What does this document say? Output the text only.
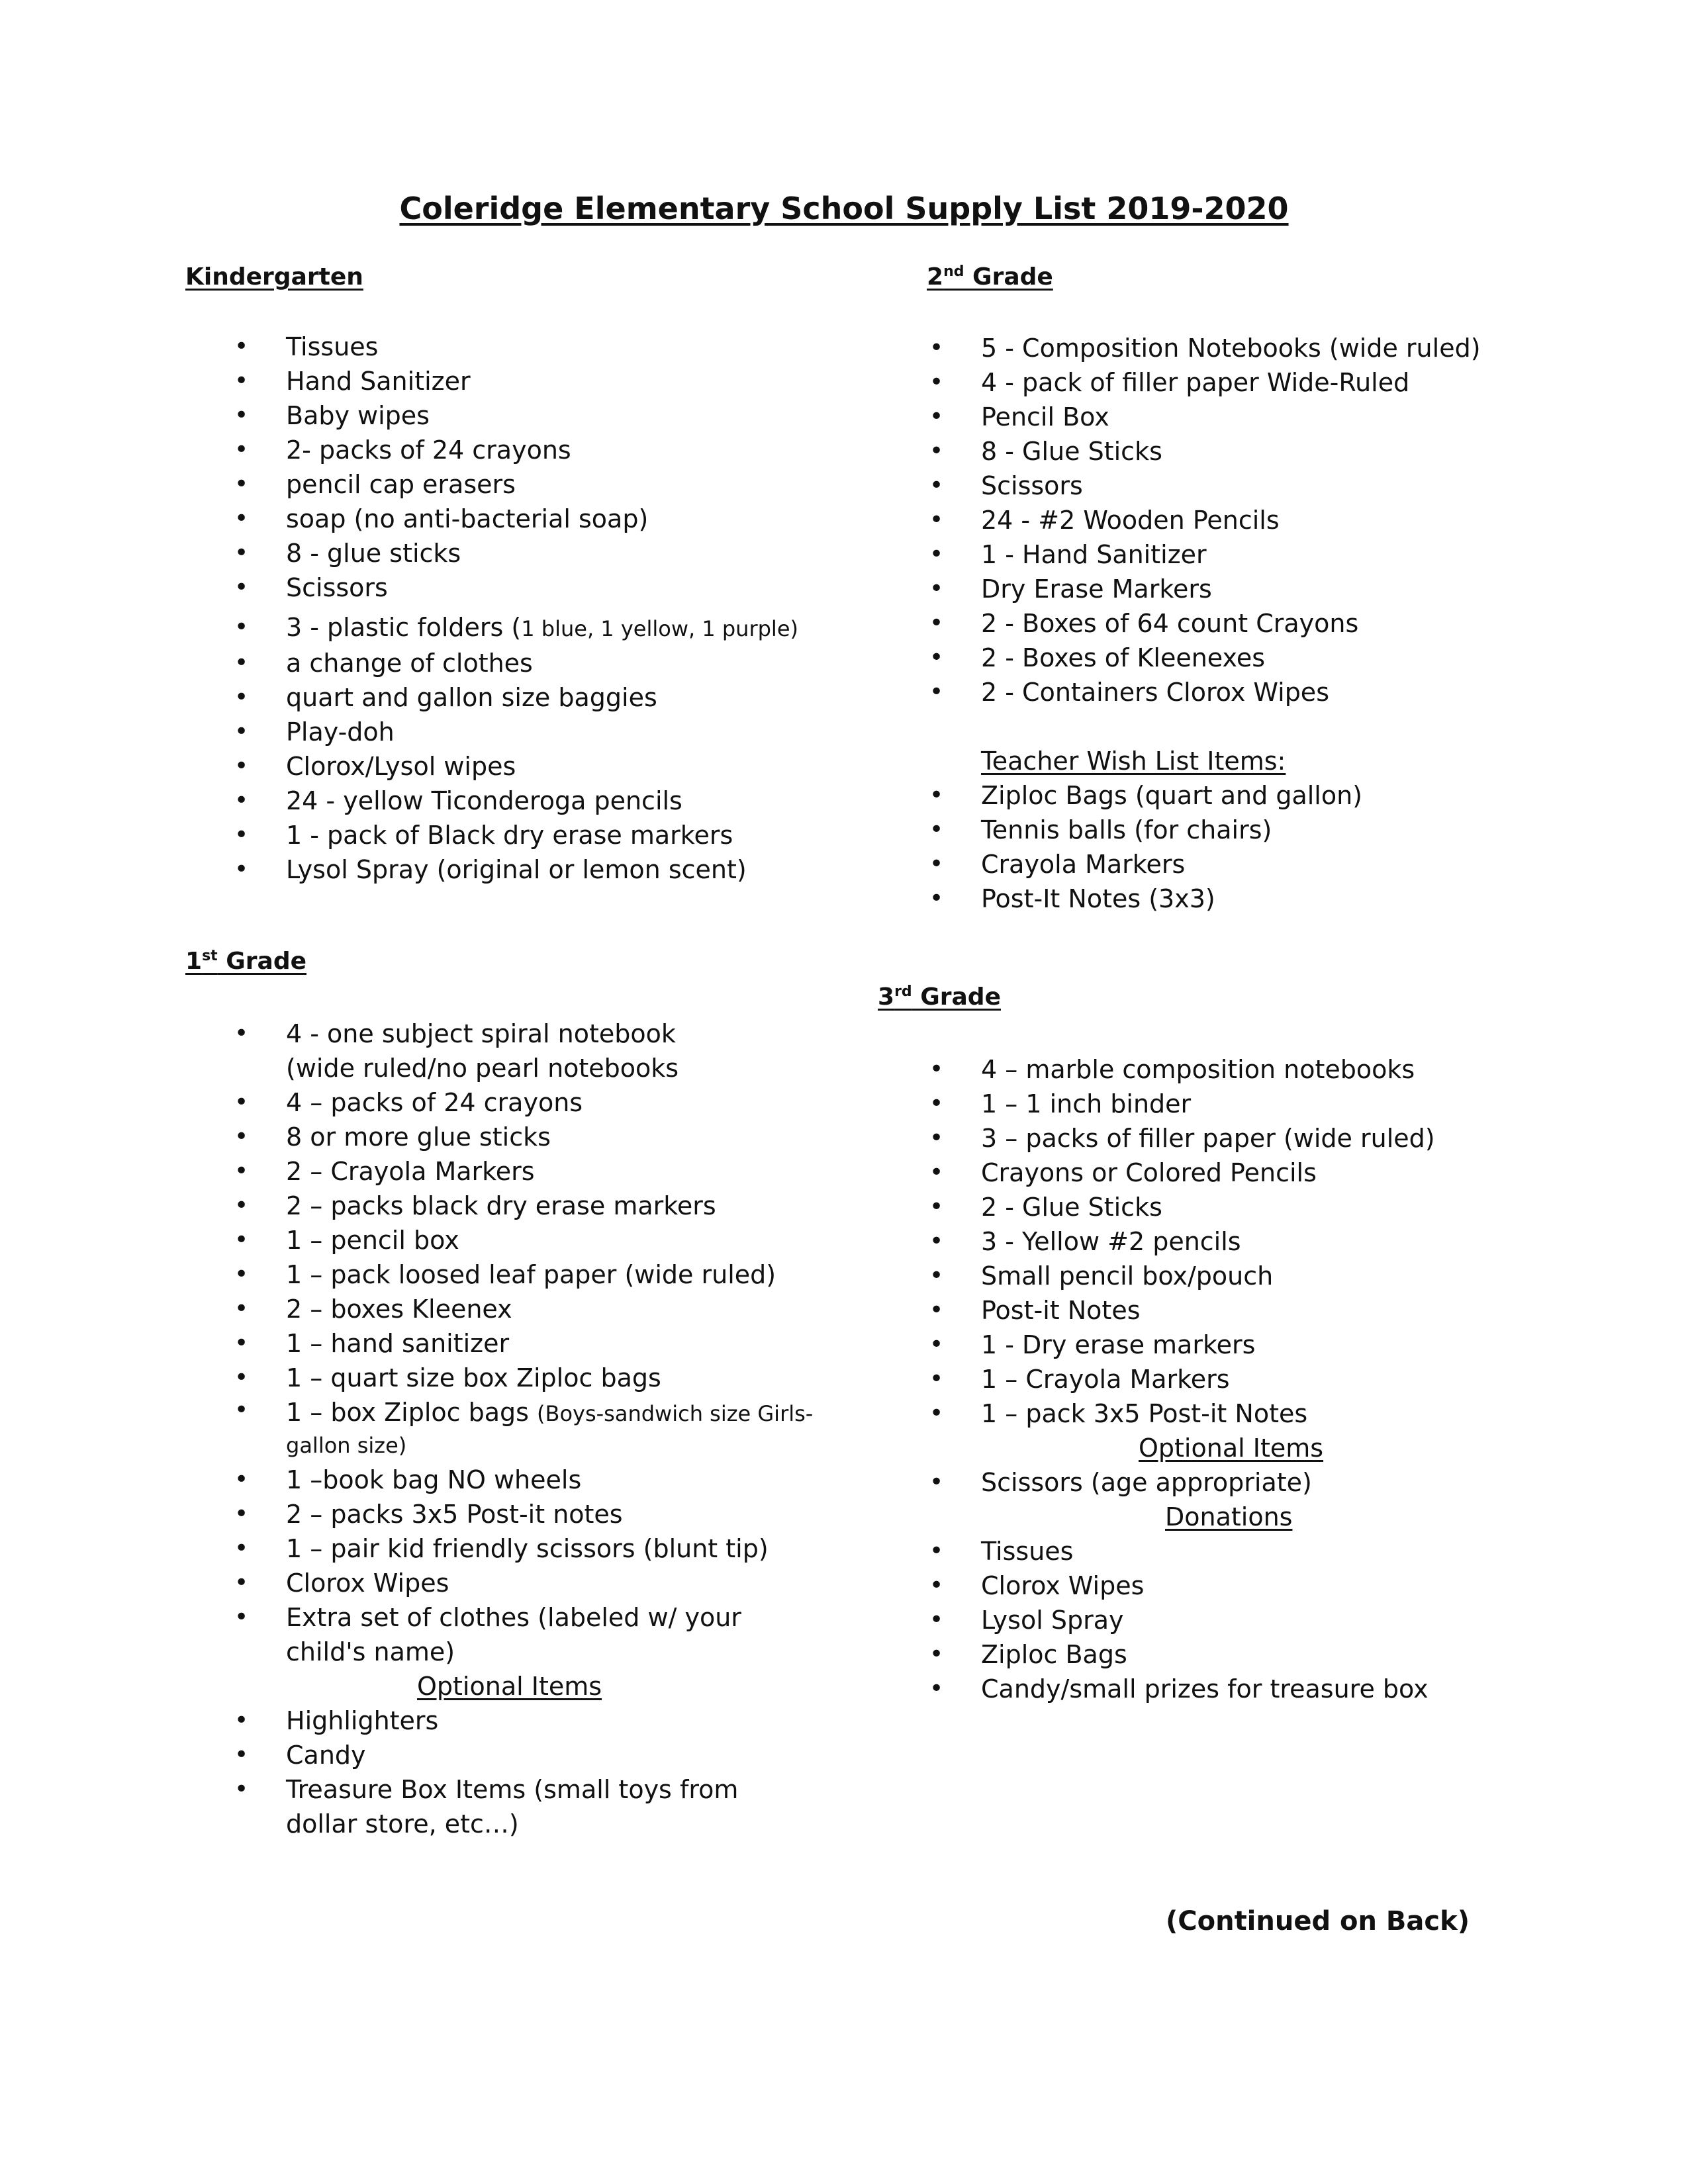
Coleridge Elementary School Supply List 2019-2020
Kindergarten
• Tissues
• Hand Sanitizer
• Baby wipes
• 2- packs of 24 crayons
• pencil cap erasers
• soap (no anti-bacterial soap)
• 8 - glue sticks
• Scissors
• 3 - plastic folders (1 blue, 1 yellow, 1 purple)
• a change of clothes
• quart and gallon size baggies
• Play-doh
• Clorox/Lysol wipes
• 24 - yellow Ticonderoga pencils
• 1 - pack of Black dry erase markers
• Lysol Spray (original or lemon scent)
1st Grade
• 4 - one subject spiral notebook (wide ruled/no pearl notebooks
• 4 – packs of 24 crayons
• 8 or more glue sticks
• 2 – Crayola Markers
• 2 – packs black dry erase markers
• 1 – pencil box
• 1 – pack loosed leaf paper (wide ruled)
• 2 – boxes Kleenex
• 1 – hand sanitizer
• 1 – quart size box Ziploc bags
• 1 – box Ziploc bags (Boys-sandwich size Girls-gallon size)
• 1 –book bag NO wheels
• 2 – packs 3x5 Post-it notes
• 1 – pair kid friendly scissors (blunt tip)
• Clorox Wipes
• Extra set of clothes (labeled w/ your child's name)
Optional Items
• Highlighters
• Candy
• Treasure Box Items (small toys from dollar store, etc…)
2nd Grade
• 5 - Composition Notebooks (wide ruled)
• 4 - pack of filler paper Wide-Ruled
• Pencil Box
• 8 - Glue Sticks
• Scissors
• 24 - #2 Wooden Pencils
• 1 - Hand Sanitizer
• Dry Erase Markers
• 2 - Boxes of 64 count Crayons
• 2 - Boxes of Kleenexes
• 2 - Containers Clorox Wipes
Teacher Wish List Items:
• Ziploc Bags (quart and gallon)
• Tennis balls (for chairs)
• Crayola Markers
• Post-It Notes (3x3)
3rd Grade
• 4 – marble composition notebooks
• 1 – 1 inch binder
• 3 – packs of filler paper (wide ruled)
• Crayons or Colored Pencils
• 2 - Glue Sticks
• 3 - Yellow #2 pencils
• Small pencil box/pouch
• Post-it Notes
• 1 - Dry erase markers
• 1 – Crayola Markers
• 1 – pack 3x5 Post-it Notes
Optional Items
• Scissors (age appropriate)
Donations
• Tissues
• Clorox Wipes
• Lysol Spray
• Ziploc Bags
• Candy/small prizes for treasure box
(Continued on Back)
